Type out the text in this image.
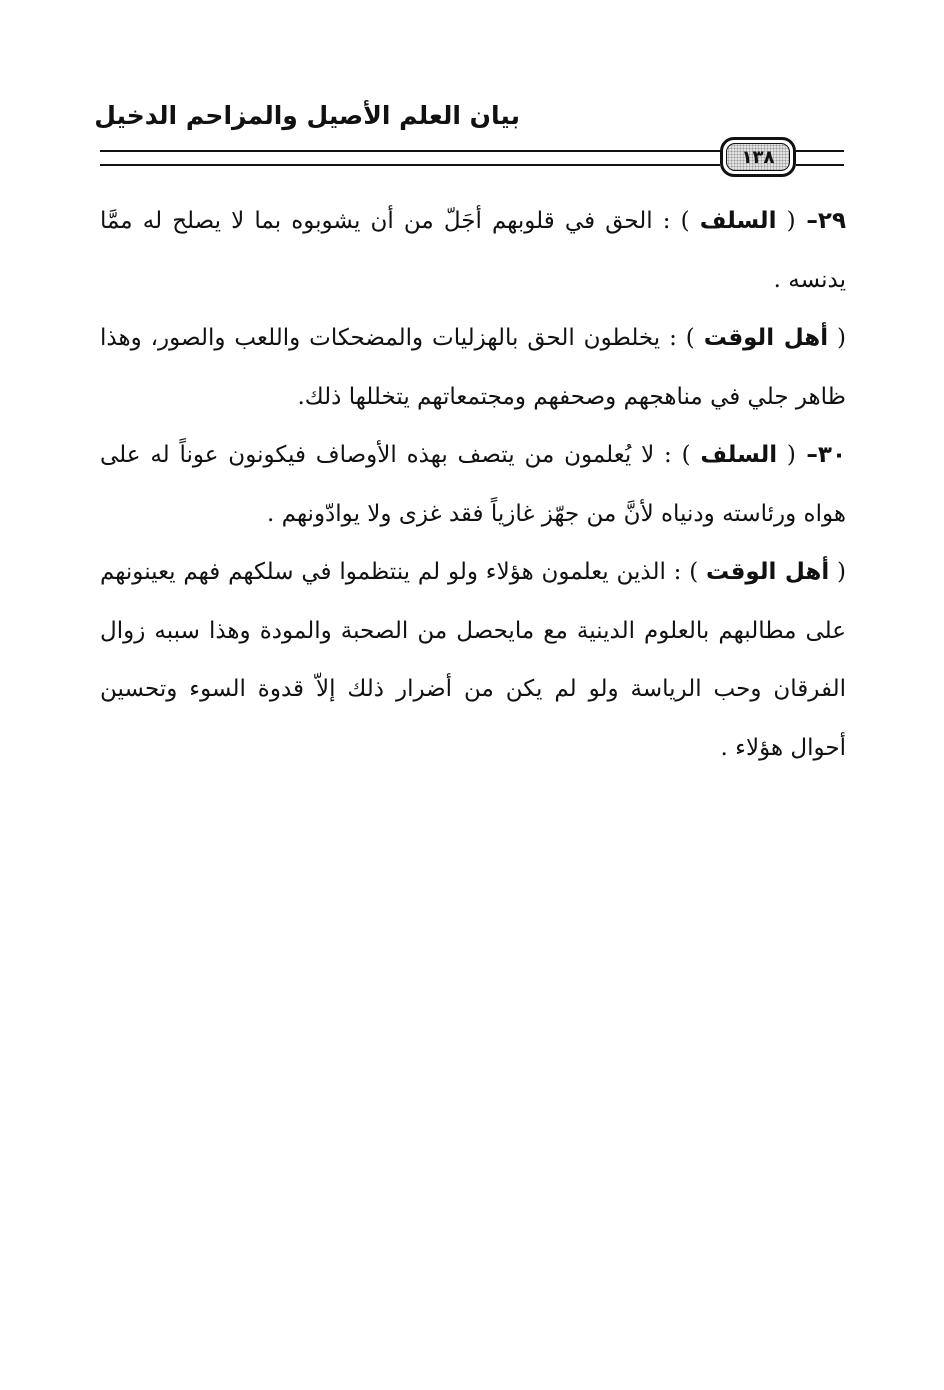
بيان العلم الأصيل والمزاحم الدخيل
١٣٨

٢٩– ( السلف ) : الحق في قلوبهم أجَلّ من أن يشوبوه بما لا يصلح له ممَّا يدنسه .

( أهل الوقت ) : يخلطون الحق بالهزليات والمضحكات واللعب والصور، وهذا ظاهر جلي في مناهجهم وصحفهم ومجتمعاتهم يتخللها ذلك.

٣٠– ( السلف ) : لا يُعلمون من يتصف بهذه الأوصاف فيكونون عوناً له على هواه ورئاسته ودنياه لأنَّ من جهّز غازياً فقد غزى ولا يوادّونهم .

( أهل الوقت ) : الذين يعلمون هؤلاء ولو لم ينتظموا في سلكهم فهم يعينونهم على مطالبهم بالعلوم الدينية مع مايحصل من الصحبة والمودة وهذا سببه زوال الفرقان وحب الرياسة ولو لم يكن من أضرار ذلك إلاّ قدوة السوء وتحسين أحوال هؤلاء .
